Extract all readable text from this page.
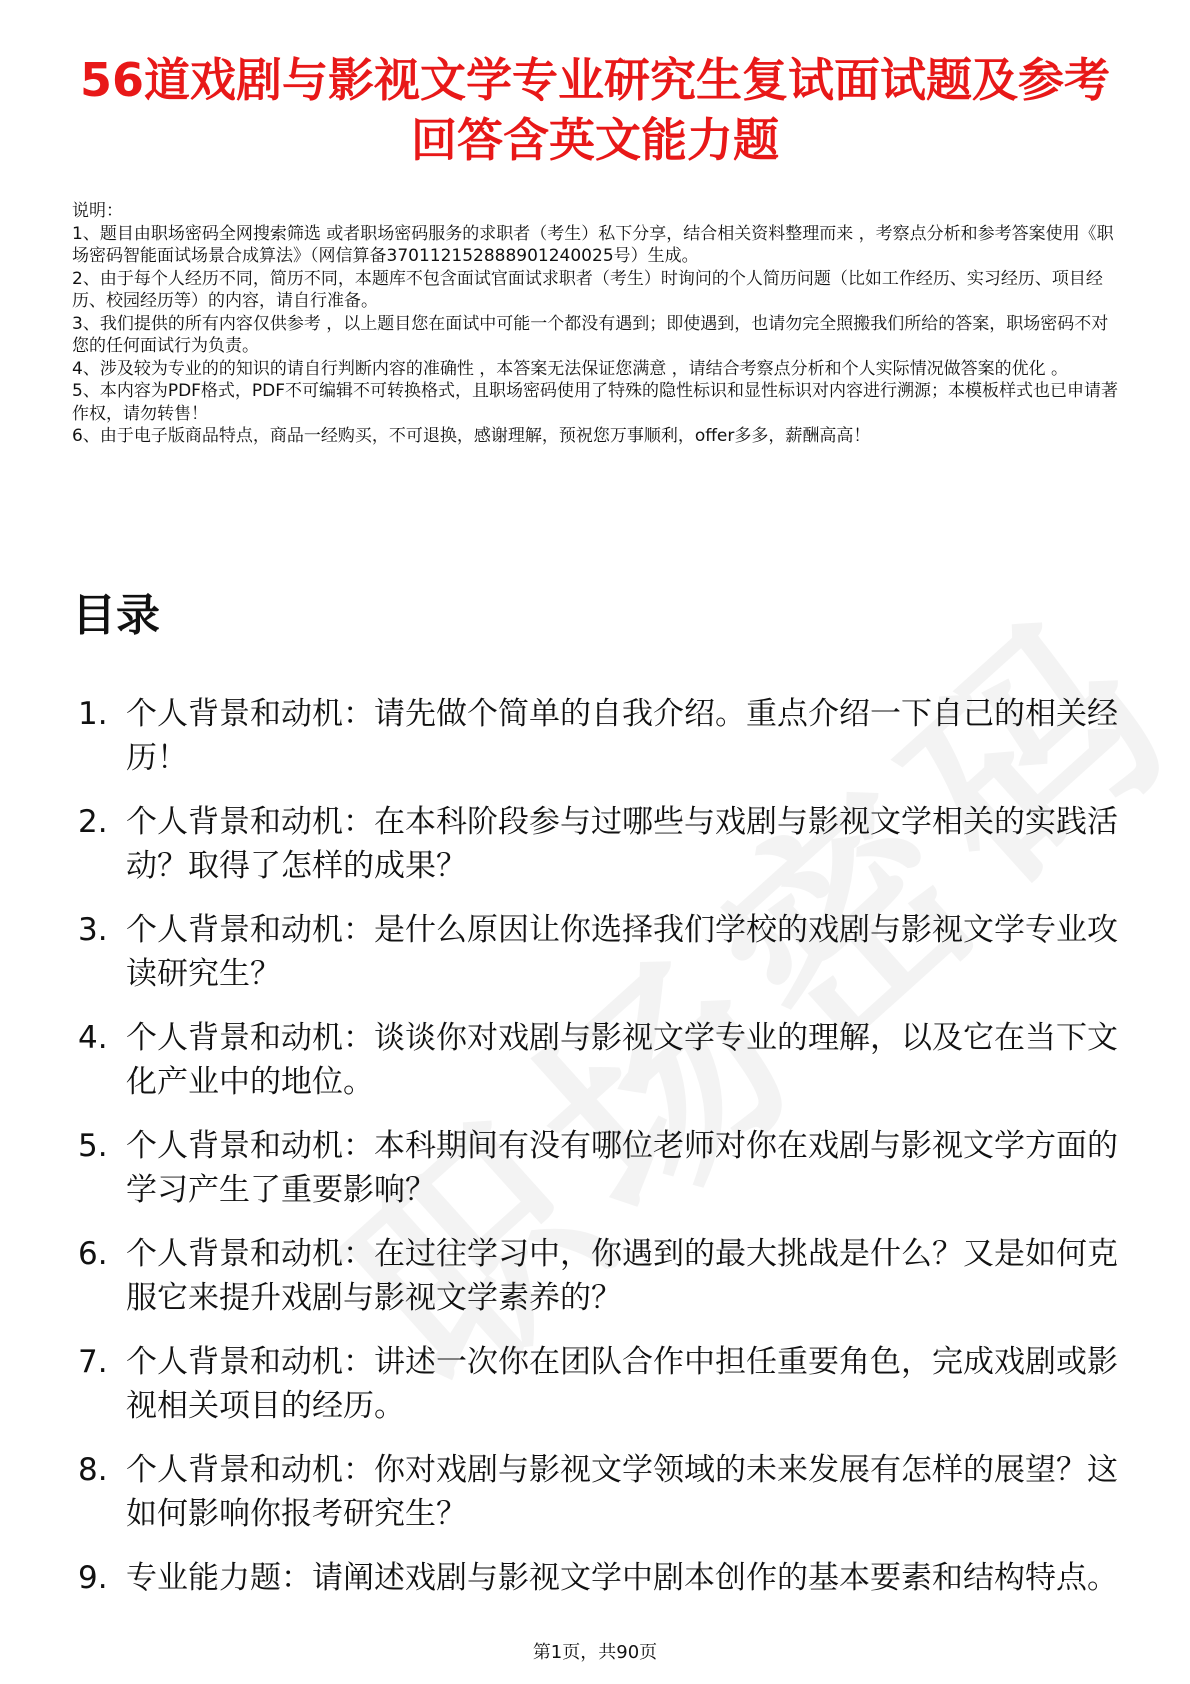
56道戏剧与影视文学专业研究生复试面试题及参考回答含英文能力题

说明：

1、题目由职场密码全网搜索筛选 或者职场密码服务的求职者（考生）私下分享，结合相关资料整理而来 ，考察点分析和参考答案使用《职场密码智能面试场景合成算法》（网信算备370112152888901240025号）生成。

2、由于每个人经历不同，简历不同，本题库不包含面试官面试求职者（考生）时询问的个人简历问题（比如工作经历、实习经历、项目经历、校园经历等）的内容，请自行准备。

3、我们提供的所有内容仅供参考 ，以上题目您在面试中可能一个都没有遇到；即使遇到，也请勿完全照搬我们所给的答案，职场密码不对您的任何面试行为负责。

4、涉及较为专业的的知识的请自行判断内容的准确性 ，本答案无法保证您满意 ，请结合考察点分析和个人实际情况做答案的优化 。

5、本内容为PDF格式，PDF不可编辑不可转换格式，且职场密码使用了特殊的隐性标识和显性标识对内容进行溯源；本模板样式也已申请著作权，请勿转售！

6、由于电子版商品特点，商品一经购买，不可退换，感谢理解，预祝您万事顺利，offer多多，薪酬高高！

目录
1. 个人背景和动机：请先做个简单的自我介绍。重点介绍一下自己的相关经历！
2. 个人背景和动机：在本科阶段参与过哪些与戏剧与影视文学相关的实践活动？取得了怎样的成果？
3. 个人背景和动机：是什么原因让你选择我们学校的戏剧与影视文学专业攻读研究生？
4. 个人背景和动机：谈谈你对戏剧与影视文学专业的理解，以及它在当下文化产业中的地位。
5. 个人背景和动机：本科期间有没有哪位老师对你在戏剧与影视文学方面的学习产生了重要影响？
6. 个人背景和动机：在过往学习中，你遇到的最大挑战是什么？又是如何克服它来提升戏剧与影视文学素养的？
7. 个人背景和动机：讲述一次你在团队合作中担任重要角色，完成戏剧或影视相关项目的经历。
8. 个人背景和动机：你对戏剧与影视文学领域的未来发展有怎样的展望？这如何影响你报考研究生？
9. 专业能力题：请阐述戏剧与影视文学中剧本创作的基本要素和结构特点。
第1页，共90页
